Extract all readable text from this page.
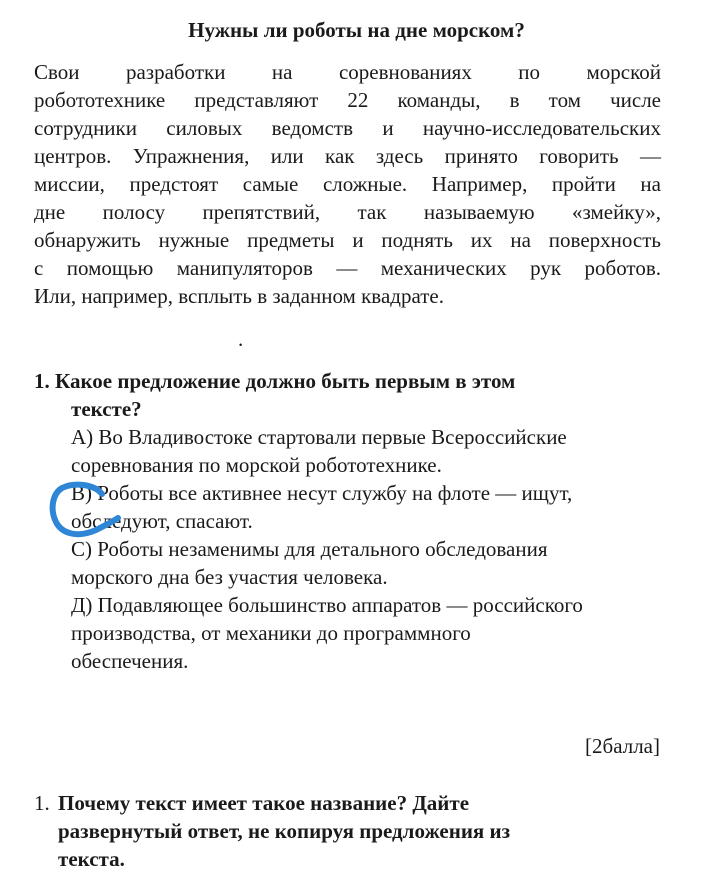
Нужны ли роботы на дне морском?
Свои разработки на соревнованиях по морской
робототехнике представляют 22 команды, в том числе
сотрудники силовых ведомств и научно-исследовательских
центров. Упражнения, или как здесь принято говорить —
миссии, предстоят самые сложные. Например, пройти на
дне полосу препятствий, так называемую «змейку»,
обнаружить нужные предметы и поднять их на поверхность
с помощью манипуляторов — механических рук роботов.
Или, например, всплыть в заданном квадрате.
.
1. Какое предложение должно быть первым в этом
тексте?
А) Во Владивостоке стартовали первые Всероссийские
соревнования по морской робототехнике.
В) Роботы все активнее несут службу на флоте — ищут,
обследуют, спасают.
С) Роботы незаменимы для детального обследования
морского дна без участия человека.
Д) Подавляющее большинство аппаратов — российского
производства, от механики до программного
обеспечения.
[2балла]
1. Почему текст имеет такое название? Дайте
развернутый ответ, не копируя предложения из
текста.
